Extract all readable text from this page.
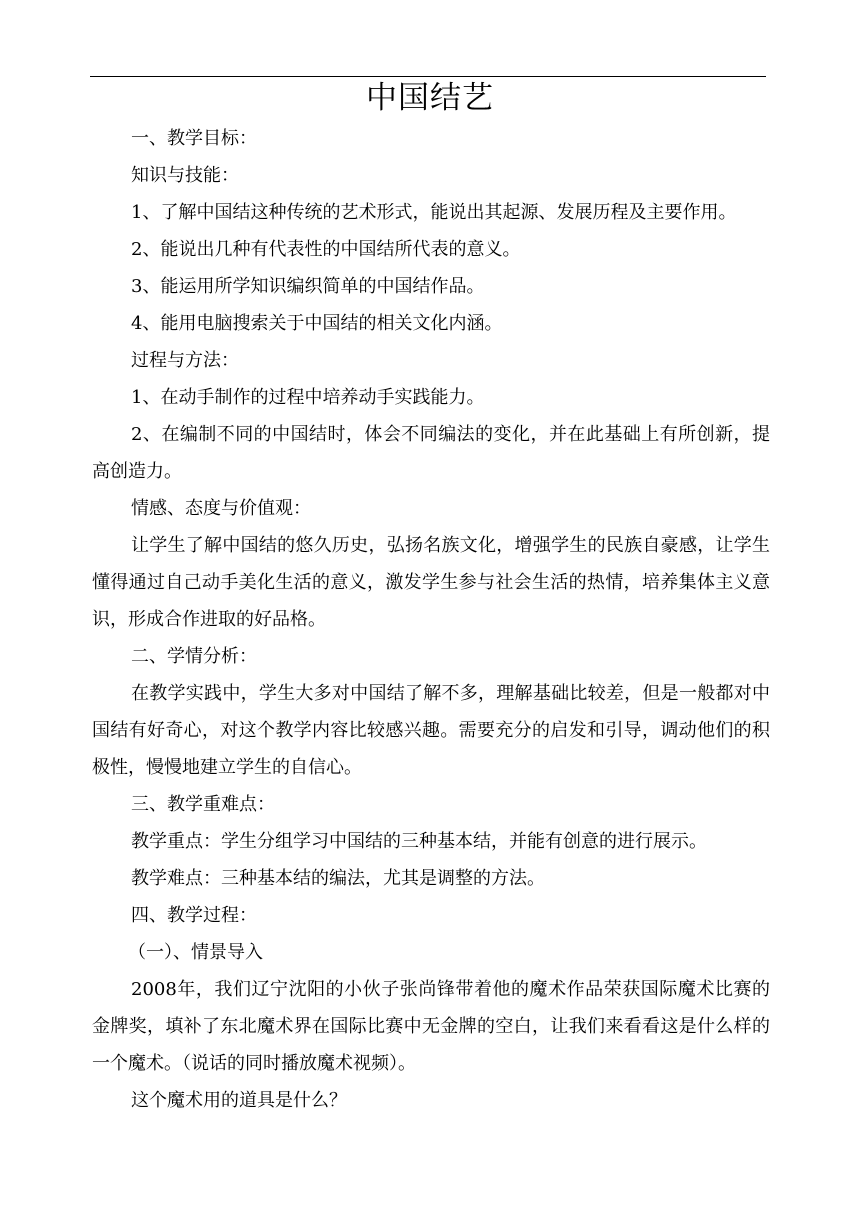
中国结艺

一、教学目标：

知识与技能：

1、了解中国结这种传统的艺术形式，能说出其起源、发展历程及主要作用。

2、能说出几种有代表性的中国结所代表的意义。

3、能运用所学知识编织简单的中国结作品。

4、能用电脑搜索关于中国结的相关文化内涵。

过程与方法：

1、在动手制作的过程中培养动手实践能力。

2、在编制不同的中国结时，体会不同编法的变化，并在此基础上有所创新，提高创造力。

情感、态度与价值观：

让学生了解中国结的悠久历史，弘扬名族文化，增强学生的民族自豪感，让学生懂得通过自己动手美化生活的意义，激发学生参与社会生活的热情，培养集体主义意识，形成合作进取的好品格。

二、学情分析：

在教学实践中，学生大多对中国结了解不多，理解基础比较差，但是一般都对中国结有好奇心，对这个教学内容比较感兴趣。需要充分的启发和引导，调动他们的积极性，慢慢地建立学生的自信心。

三、教学重难点：

教学重点：学生分组学习中国结的三种基本结，并能有创意的进行展示。

教学难点：三种基本结的编法，尤其是调整的方法。

四、教学过程：

（一）、情景导入

2008年，我们辽宁沈阳的小伙子张尚锋带着他的魔术作品荣获国际魔术比赛的金牌奖，填补了东北魔术界在国际比赛中无金牌的空白，让我们来看看这是什么样的一个魔术。（说话的同时播放魔术视频）。

这个魔术用的道具是什么？
